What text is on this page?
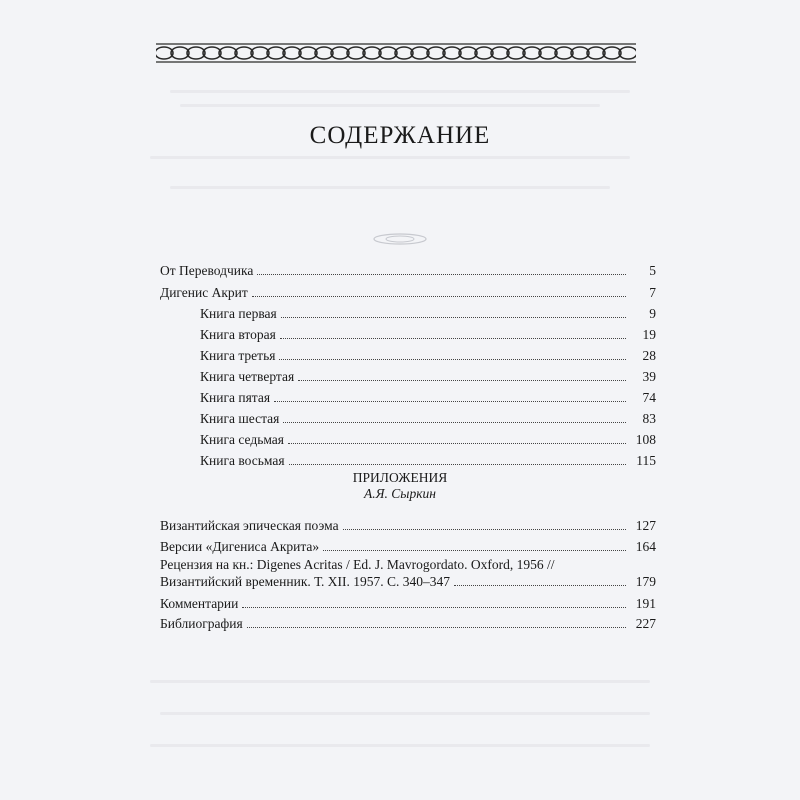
СОДЕРЖАНИЕ
От Переводчика	5
Дигенис Акрит	7
Книга первая	9
Книга вторая	19
Книга третья	28
Книга четвертая	39
Книга пятая	74
Книга шестая	83
Книга седьмая	108
Книга восьмая	115
ПРИЛОЖЕНИЯ
А.Я. Сыркин
Византийская эпическая поэма	127
Версии «Дигениса Акрита»	164
Рецензия на кн.: Digenes Acritas / Ed. J. Mavrogordato. Oxford, 1956 //
Византийский временник. Т. XII. 1957. С. 340–347	179
Комментарии	191
Библиография	227
